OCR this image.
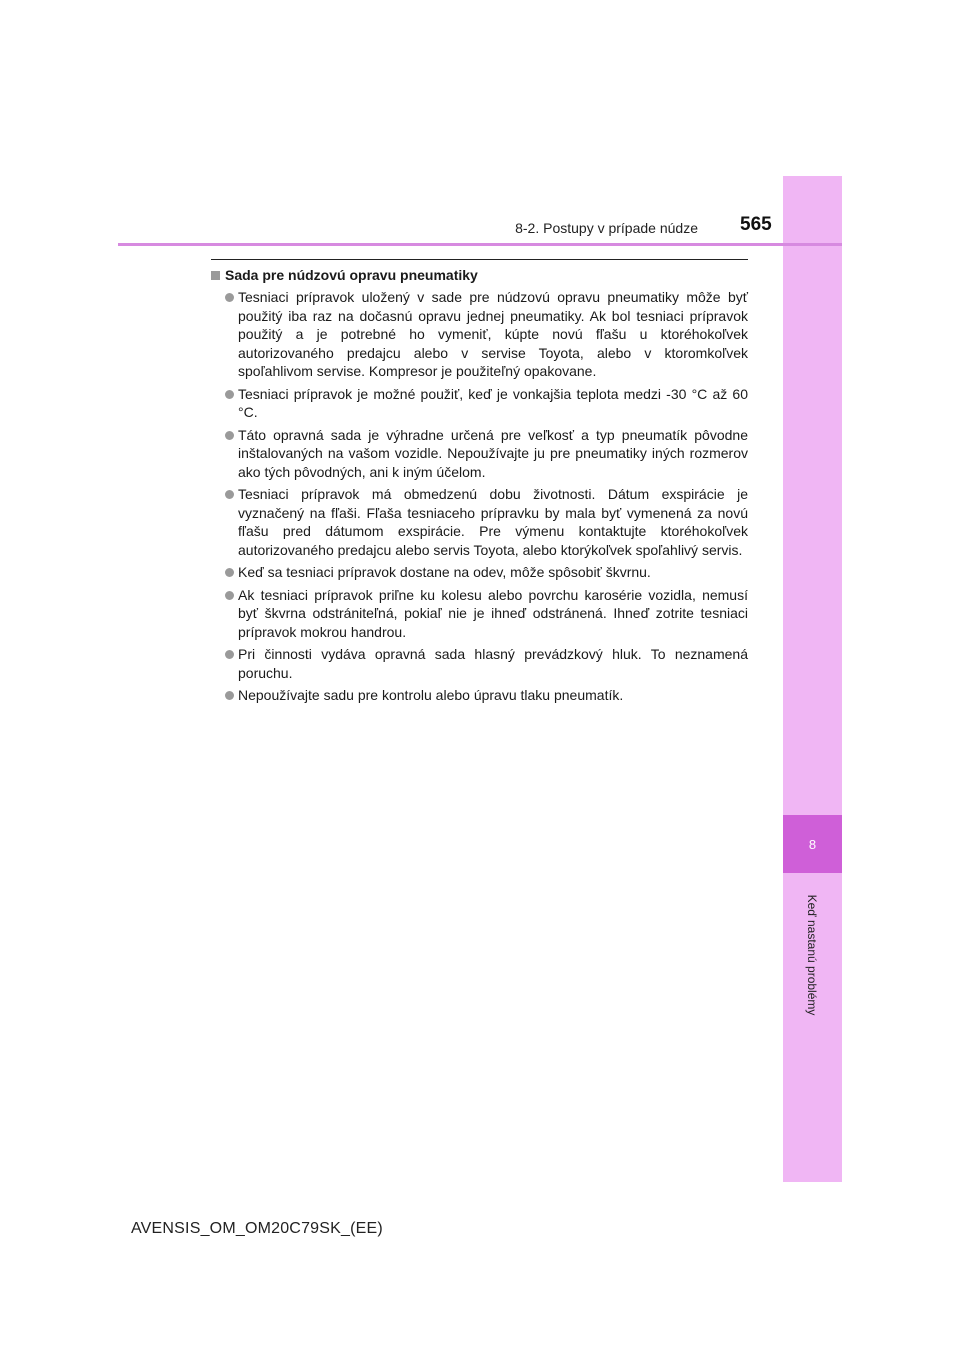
8
Keď nastanú problémy
8-2. Postupy v prípade núdze 565
Sada pre núdzovú opravu pneumatiky
Tesniaci prípravok uložený v sade pre núdzovú opravu pneumatiky môže byť použitý iba raz na dočasnú opravu jednej pneumatiky. Ak bol tesniaci prípravok použitý a je potrebné ho vymeniť, kúpte novú fľašu u ktoréhokoľvek autorizovaného predajcu alebo v servise Toyota, alebo v ktoromkoľvek spoľahlivom servise. Kompresor je použiteľný opakovane.
Tesniaci prípravok je možné použiť, keď je vonkajšia teplota medzi -30 °C až 60 °C.
Táto opravná sada je výhradne určená pre veľkosť a typ pneumatík pôvodne inštalovaných na vašom vozidle. Nepoužívajte ju pre pneumatiky iných rozmerov ako tých pôvodných, ani k iným účelom.
Tesniaci prípravok má obmedzenú dobu životnosti. Dátum exspirácie je vyznačený na fľaši. Fľaša tesniaceho prípravku by mala byť vymenená za novú fľašu pred dátumom exspirácie. Pre výmenu kontaktujte ktoréhokoľvek autorizovaného predajcu alebo servis Toyota, alebo ktorýkoľvek spoľahlivý servis.
Keď sa tesniaci prípravok dostane na odev, môže spôsobiť škvrnu.
Ak tesniaci prípravok priľne ku kolesu alebo povrchu karosérie vozidla, nemusí byť škvrna odstrániteľná, pokiaľ nie je ihneď odstránená. Ihneď zotrite tesniaci prípravok mokrou handrou.
Pri činnosti vydáva opravná sada hlasný prevádzkový hluk. To neznamená poruchu.
Nepoužívajte sadu pre kontrolu alebo úpravu tlaku pneumatík.
AVENSIS_OM_OM20C79SK_(EE)
